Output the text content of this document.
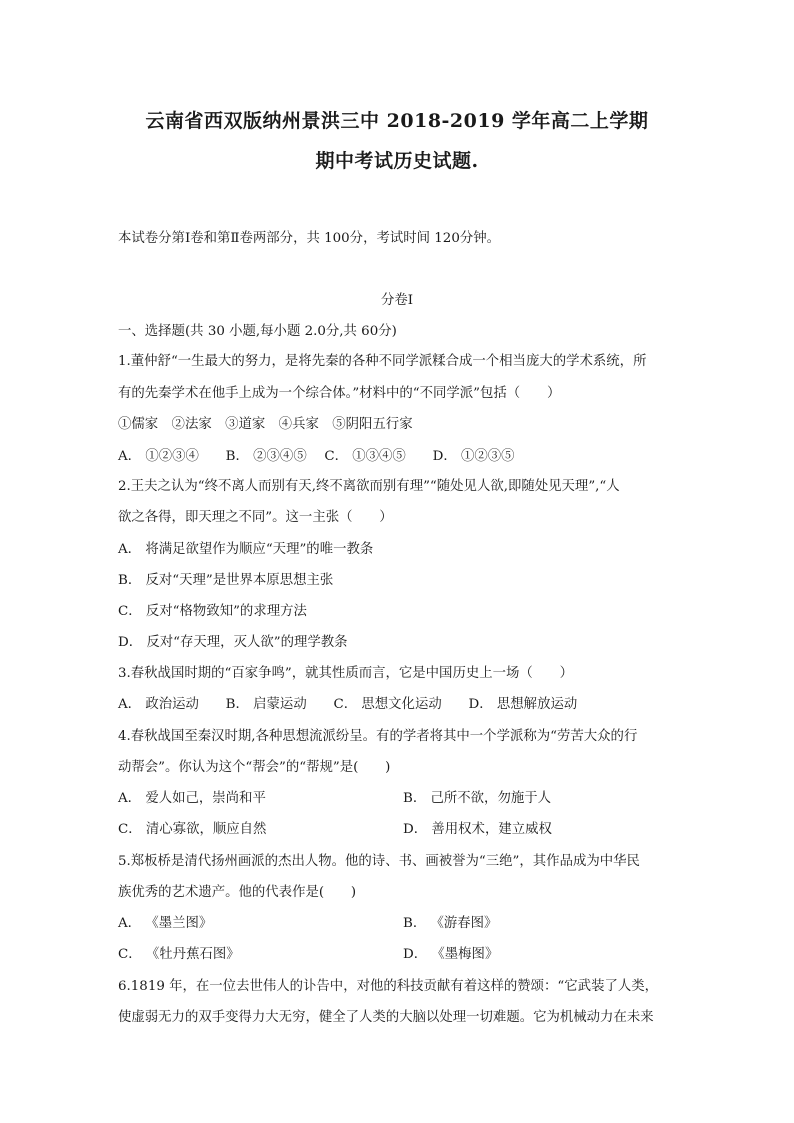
云南省西双版纳州景洪三中 2018-2019 学年高二上学期
期中考试历史试题.
本试卷分第Ⅰ卷和第Ⅱ卷两部分，共 100分，考试时间 120分钟。
分卷I
一、选择题(共 30 小题,每小题 2.0分,共 60分)
1.董仲舒“一生最大的努力，是将先秦的各种不同学派糅合成一个相当庞大的学术系统，所
有的先秦学术在他手上成为一个综合体。”材料中的“不同学派”包括（　　）
①儒家　②法家　③道家　④兵家　⑤阴阳五行家
A． ①②③④　　B． ②③④⑤　 C． ①③④⑤　　D． ①②③⑤
2.王夫之认为“终不离人而别有天,终不离欲而别有理”“随处见人欲,即随处见天理”,“人
欲之各得，即天理之不同”。这一主张（　　）
A． 将满足欲望作为顺应“天理”的唯一教条
B． 反对“天理”是世界本原思想主张
C． 反对“格物致知”的求理方法
D． 反对“存天理，灭人欲”的理学教条
3.春秋战国时期的“百家争鸣”，就其性质而言，它是中国历史上一场（　　）
A． 政治运动　　B． 启蒙运动　　C． 思想文化运动　　D． 思想解放运动
4.春秋战国至秦汉时期,各种思想流派纷呈。有的学者将其中一个学派称为“劳苦大众的行
动帮会”。你认为这个“帮会”的“帮规”是(　　)
A． 爱人如己，崇尚和平	B． 己所不欲，勿施于人
C． 清心寡欲，顺应自然	D． 善用权术，建立威权
5.郑板桥是清代扬州画派的杰出人物。他的诗、书、画被誉为“三绝”，其作品成为中华民
族优秀的艺术遗产。他的代表作是(　　)
A． 《墨兰图》	B． 《游春图》
C． 《牡丹蕉石图》	D． 《墨梅图》
6.1819 年，在一位去世伟人的讣告中，对他的科技贡献有着这样的赞颂：“它武装了人类，
使虚弱无力的双手变得力大无穷，健全了人类的大脑以处理一切难题。它为机械动力在未来
